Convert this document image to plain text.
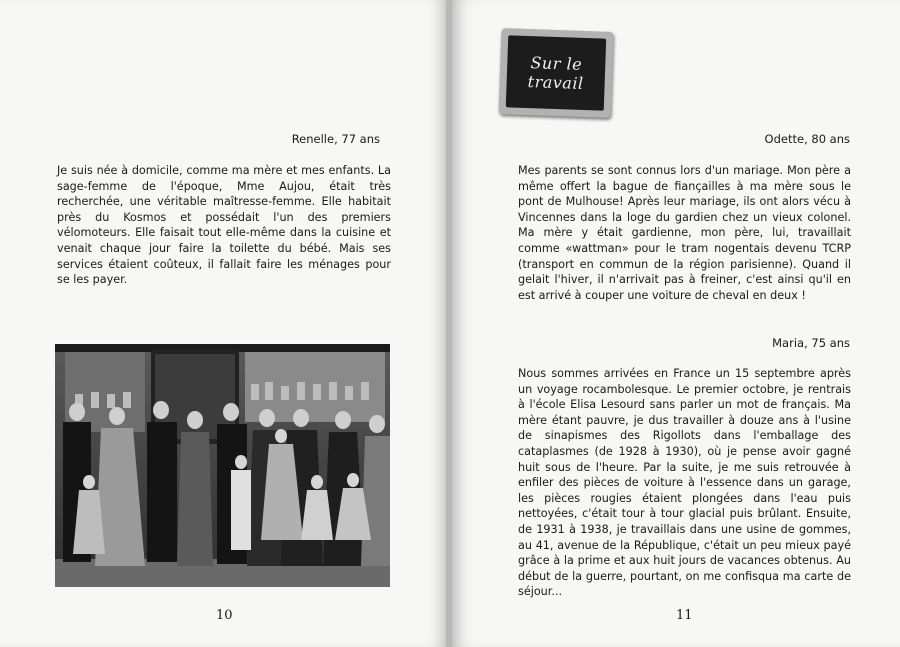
Renelle, 77 ans

Je suis née à domicile, comme ma mère et mes enfants. La sage-femme de l'époque, Mme Aujou, était très recherchée, une véritable maîtresse-femme. Elle habitait près du Kosmos et possédait l'un des premiers vélomoteurs. Elle faisait tout elle-même dans la cuisine et venait chaque jour faire la toilette du bébé. Mais ses services étaient coûteux, il fallait faire les ménages pour se les payer.

10	11
Sur le
travail
Odette, 80 ans

Mes parents se sont connus lors d'un mariage. Mon père a même offert la bague de fiançailles à ma mère sous le pont de Mulhouse! Après leur mariage, ils ont alors vécu à Vincennes dans la loge du gardien chez un vieux colonel. Ma mère y était gardienne, mon père, lui, travaillait comme «wattman» pour le tram nogentais devenu TCRP (transport en commun de la région parisienne). Quand il gelait l'hiver, il n'arrivait pas à freiner, c'est ainsi qu'il en est arrivé à couper une voiture de cheval en deux !

Maria, 75 ans

Nous sommes arrivées en France un 15 septembre après un voyage rocambolesque. Le premier octobre, je rentrais à l'école Elisa Lesourd sans parler un mot de français. Ma mère étant pauvre, je dus travailler à douze ans à l'usine de sinapismes des Rigollots dans l'emballage des cataplasmes (de 1928 à 1930), où je pense avoir gagné huit sous de l'heure. Par la suite, je me suis retrouvée à enfiler des pièces de voiture à l'essence dans un garage, les pièces rougies étaient plongées dans l'eau puis nettoyées, c'était tour à tour glacial puis brûlant. Ensuite, de 1931 à 1938, je travaillais dans une usine de gommes, au 41, avenue de la République, c'était un peu mieux payé grâce à la prime et aux huit jours de vacances obtenus. Au début de la guerre, pourtant, on me confisqua ma carte de séjour...
